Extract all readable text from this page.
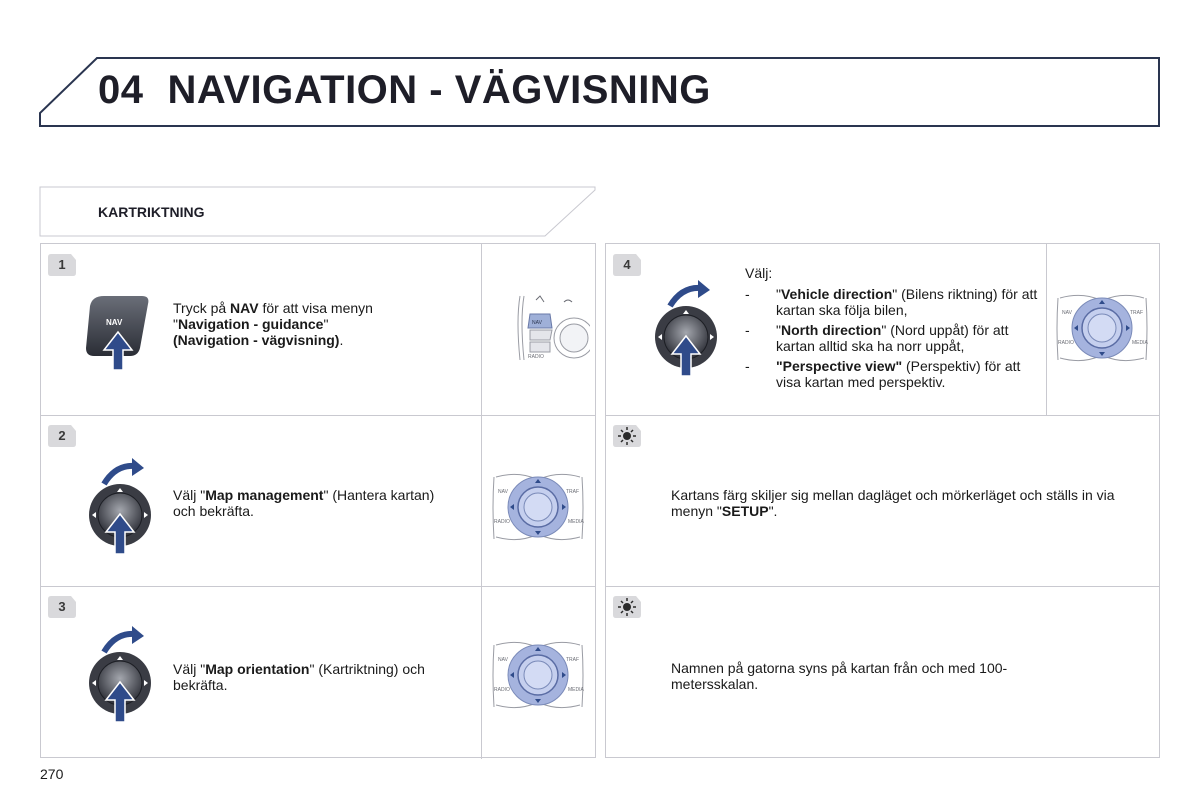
04 NAVIGATION - VÄGVISNING
KARTRIKTNING
1
2
3
4
NAV
Tryck på NAV för att visa menyn "Navigation - guidance"
(Navigation - vägvisning).
NAV
RADIO
Välj "Map management" (Hantera kartan) och bekräfta.
Välj "Map orientation" (Kartriktning) och bekräfta.
NAV	TRAF
RADIO	MEDIA
NAV	TRAF
RADIO	MEDIA
NAV	TRAF
RADIO	MEDIA
Välj:
- "Vehicle direction" (Bilens riktning) för att kartan ska följa bilen,
- "North direction" (Nord uppåt) för att kartan alltid ska ha norr uppåt,
- "Perspective view" (Perspektiv) för att visa kartan med perspektiv.
Kartans färg skiljer sig mellan dagläget och mörkerläget och ställs in via menyn "SETUP".
Namnen på gatorna syns på kartan från och med 100-metersskalan.
270
